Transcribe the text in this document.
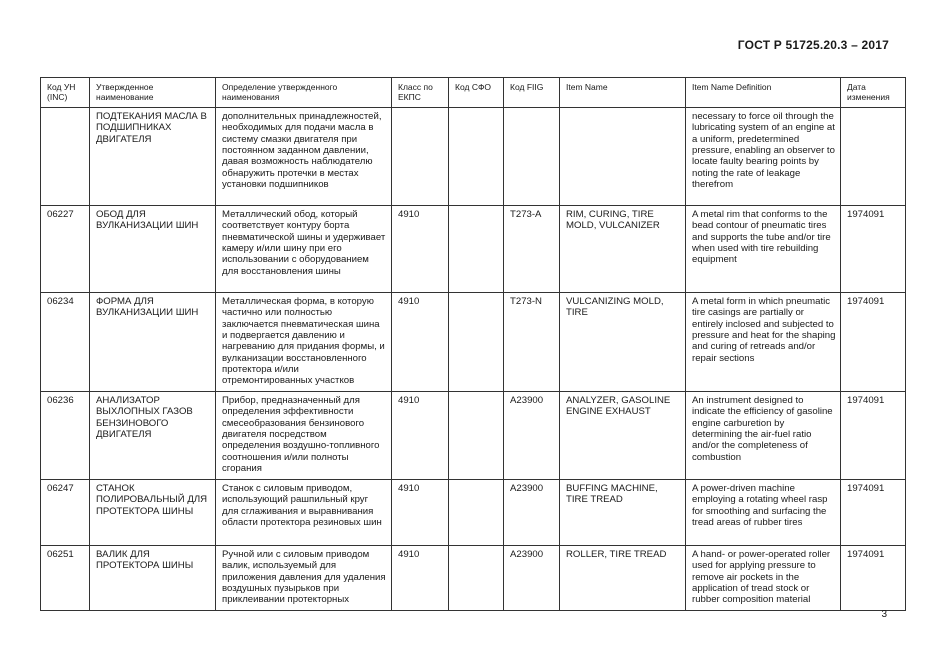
ГОСТ Р 51725.20.3 – 2017
Код УН (INC)	Утвержденное наименование	Определение утвержденного наименования	Класс по ЕКПС	Код СФО	Код FIIG	Item Name	Item Name Definition	Дата изменения
	ПОДТЕКАНИЯ МАСЛА В ПОДШИПНИКАХ ДВИГАТЕЛЯ	дополнительных принадлежностей, необходимых для подачи масла в систему смазки двигателя при постоянном заданном давлении, давая возможность наблюдателю обнаружить протечки в местах установки подшипников					necessary to force oil through the lubricating system of an engine at a uniform, predetermined pressure, enabling an observer to locate faulty bearing points by noting the rate of leakage therefrom	
06227	ОБОД ДЛЯ ВУЛКАНИЗАЦИИ ШИН	Металлический обод, который соответствует контуру борта пневматической шины и удерживает камеру и/или шину при его использовании с оборудованием для восстановления шины	4910		T273-A	RIM, CURING, TIRE MOLD, VULCANIZER	A metal rim that conforms to the bead contour of pneumatic tires and supports the tube and/or tire when used with tire rebuilding equipment	1974091
06234	ФОРМА ДЛЯ ВУЛКАНИЗАЦИИ ШИН	Металлическая форма, в которую частично или полностью заключается пневматическая шина и подвергается давлению и нагреванию для придания формы, и вулканизации восстановленного протектора и/или отремонтированных участков	4910		T273-N	VULCANIZING MOLD, TIRE	A metal form in which pneumatic tire casings are partially or entirely inclosed and subjected to pressure and heat for the shaping and curing of retreads and/or repair sections	1974091
06236	АНАЛИЗАТОР ВЫХЛОПНЫХ ГАЗОВ БЕНЗИНОВОГО ДВИГАТЕЛЯ	Прибор, предназначенный для определения эффективности смесеобразования бензинового двигателя посредством определения воздушно-топливного соотношения и/или полноты сгорания	4910		A23900	ANALYZER, GASOLINE ENGINE EXHAUST	An instrument designed to indicate the efficiency of gasoline engine carburetion by determining the air-fuel ratio and/or the completeness of combustion	1974091
06247	СТАНОК ПОЛИРОВАЛЬНЫЙ ДЛЯ ПРОТЕКТОРА ШИНЫ	Станок с силовым приводом, использующий рашпильный круг для сглаживания и выравнивания области протектора резиновых шин	4910		A23900	BUFFING MACHINE, TIRE TREAD	A power-driven machine employing a rotating wheel rasp for smoothing and surfacing the tread areas of rubber tires	1974091
06251	ВАЛИК ДЛЯ ПРОТЕКТОРА ШИНЫ	Ручной или с силовым приводом валик, используемый для приложения давления для удаления воздушных пузырьков при приклеивании протекторных	4910		A23900	ROLLER, TIRE TREAD	A hand- or power-operated roller used for applying pressure to remove air pockets in the application of tread stock or rubber composition material	1974091
3
